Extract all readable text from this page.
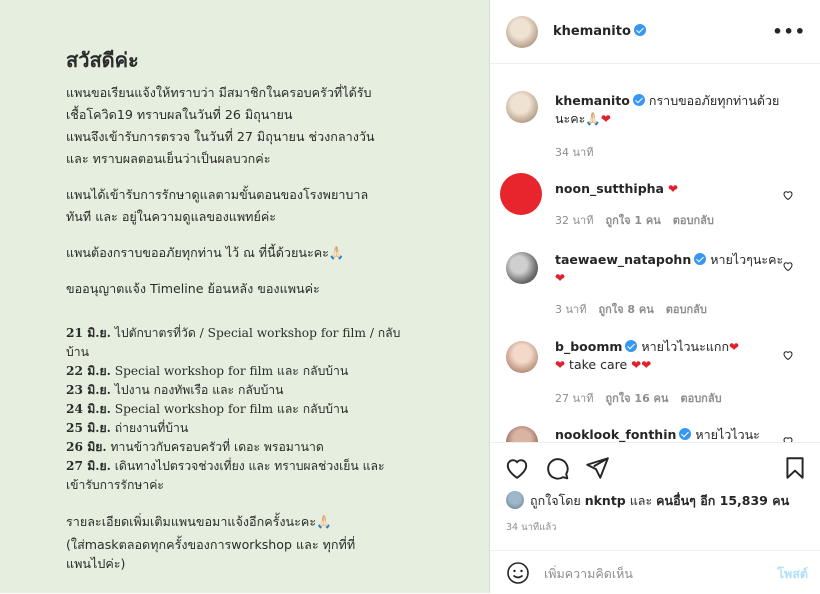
สวัสดีค่ะ
แพนขอเรียนแจ้งให้ทราบว่า มีสมาชิกในครอบครัวที่ได้รับ
เชื้อโควิด19 ทราบผลในวันที่ 26 มิถุนายน
แพนจึงเข้ารับการตรวจ ในวันที่ 27 มิถุนายน ช่วงกลางวัน
และ ทราบผลตอนเย็นว่าเป็นผลบวกค่ะ
แพนได้เข้ารับการรักษาดูแลตามขั้นตอนของโรงพยาบาล
ทันที และ อยู่ในความดูแลของแพทย์ค่ะ
แพนต้องกราบขออภัยทุกท่าน ไว้ ณ ที่นี้ด้วยนะคะ🙏🏻
ขออนุญาตแจ้ง Timeline ย้อนหลัง ของแพนค่ะ
21 มิ.ย. ไปตักบาตรที่วัด / Special workshop for film / กลับ
บ้าน
22 มิ.ย. Special workshop for film และ กลับบ้าน
23 มิ.ย. ไปงาน กองทัพเรือ และ กลับบ้าน
24 มิ.ย. Special workshop for film และ กลับบ้าน
25 มิ.ย. ถ่ายงานที่บ้าน
26 มิย. ทานข้าวกับครอบครัวที่ เดอะ พรอมานาด
27 มิ.ย. เดินทางไปตรวจช่วงเที่ยง และ ทราบผลช่วงเย็น และ
เข้ารับการรักษาค่ะ
รายละเอียดเพิ่มเติมแพนขอมาแจ้งอีกครั้งนะคะ🙏🏻
(ใส่maskตลอดทุกครั้งของการworkshop และ ทุกที่ที่
แพนไปค่ะ)
khemanito	•••
khemanito กราบขออภัยทุกท่านด้วยนะคะ🙏🏻❤
34 นาที
noon_sutthipha ❤
32 นาที ถูกใจ 1 คน ตอบกลับ
taewaew_natapohn หายไวๆนะคะ❤
3 นาที ถูกใจ 8 คน ตอบกลับ
b_boomm หายไวไวนะแกก❤
❤ take care ❤❤
27 นาที ถูกใจ 16 คน ตอบกลับ
nooklook_fonthin หายไวไวนะ
ถูกใจโดย nkntp และ คนอื่นๆ อีก 15,839 คน
34 นาทีแล้ว
เพิ่มความคิดเห็น
โพสต์
